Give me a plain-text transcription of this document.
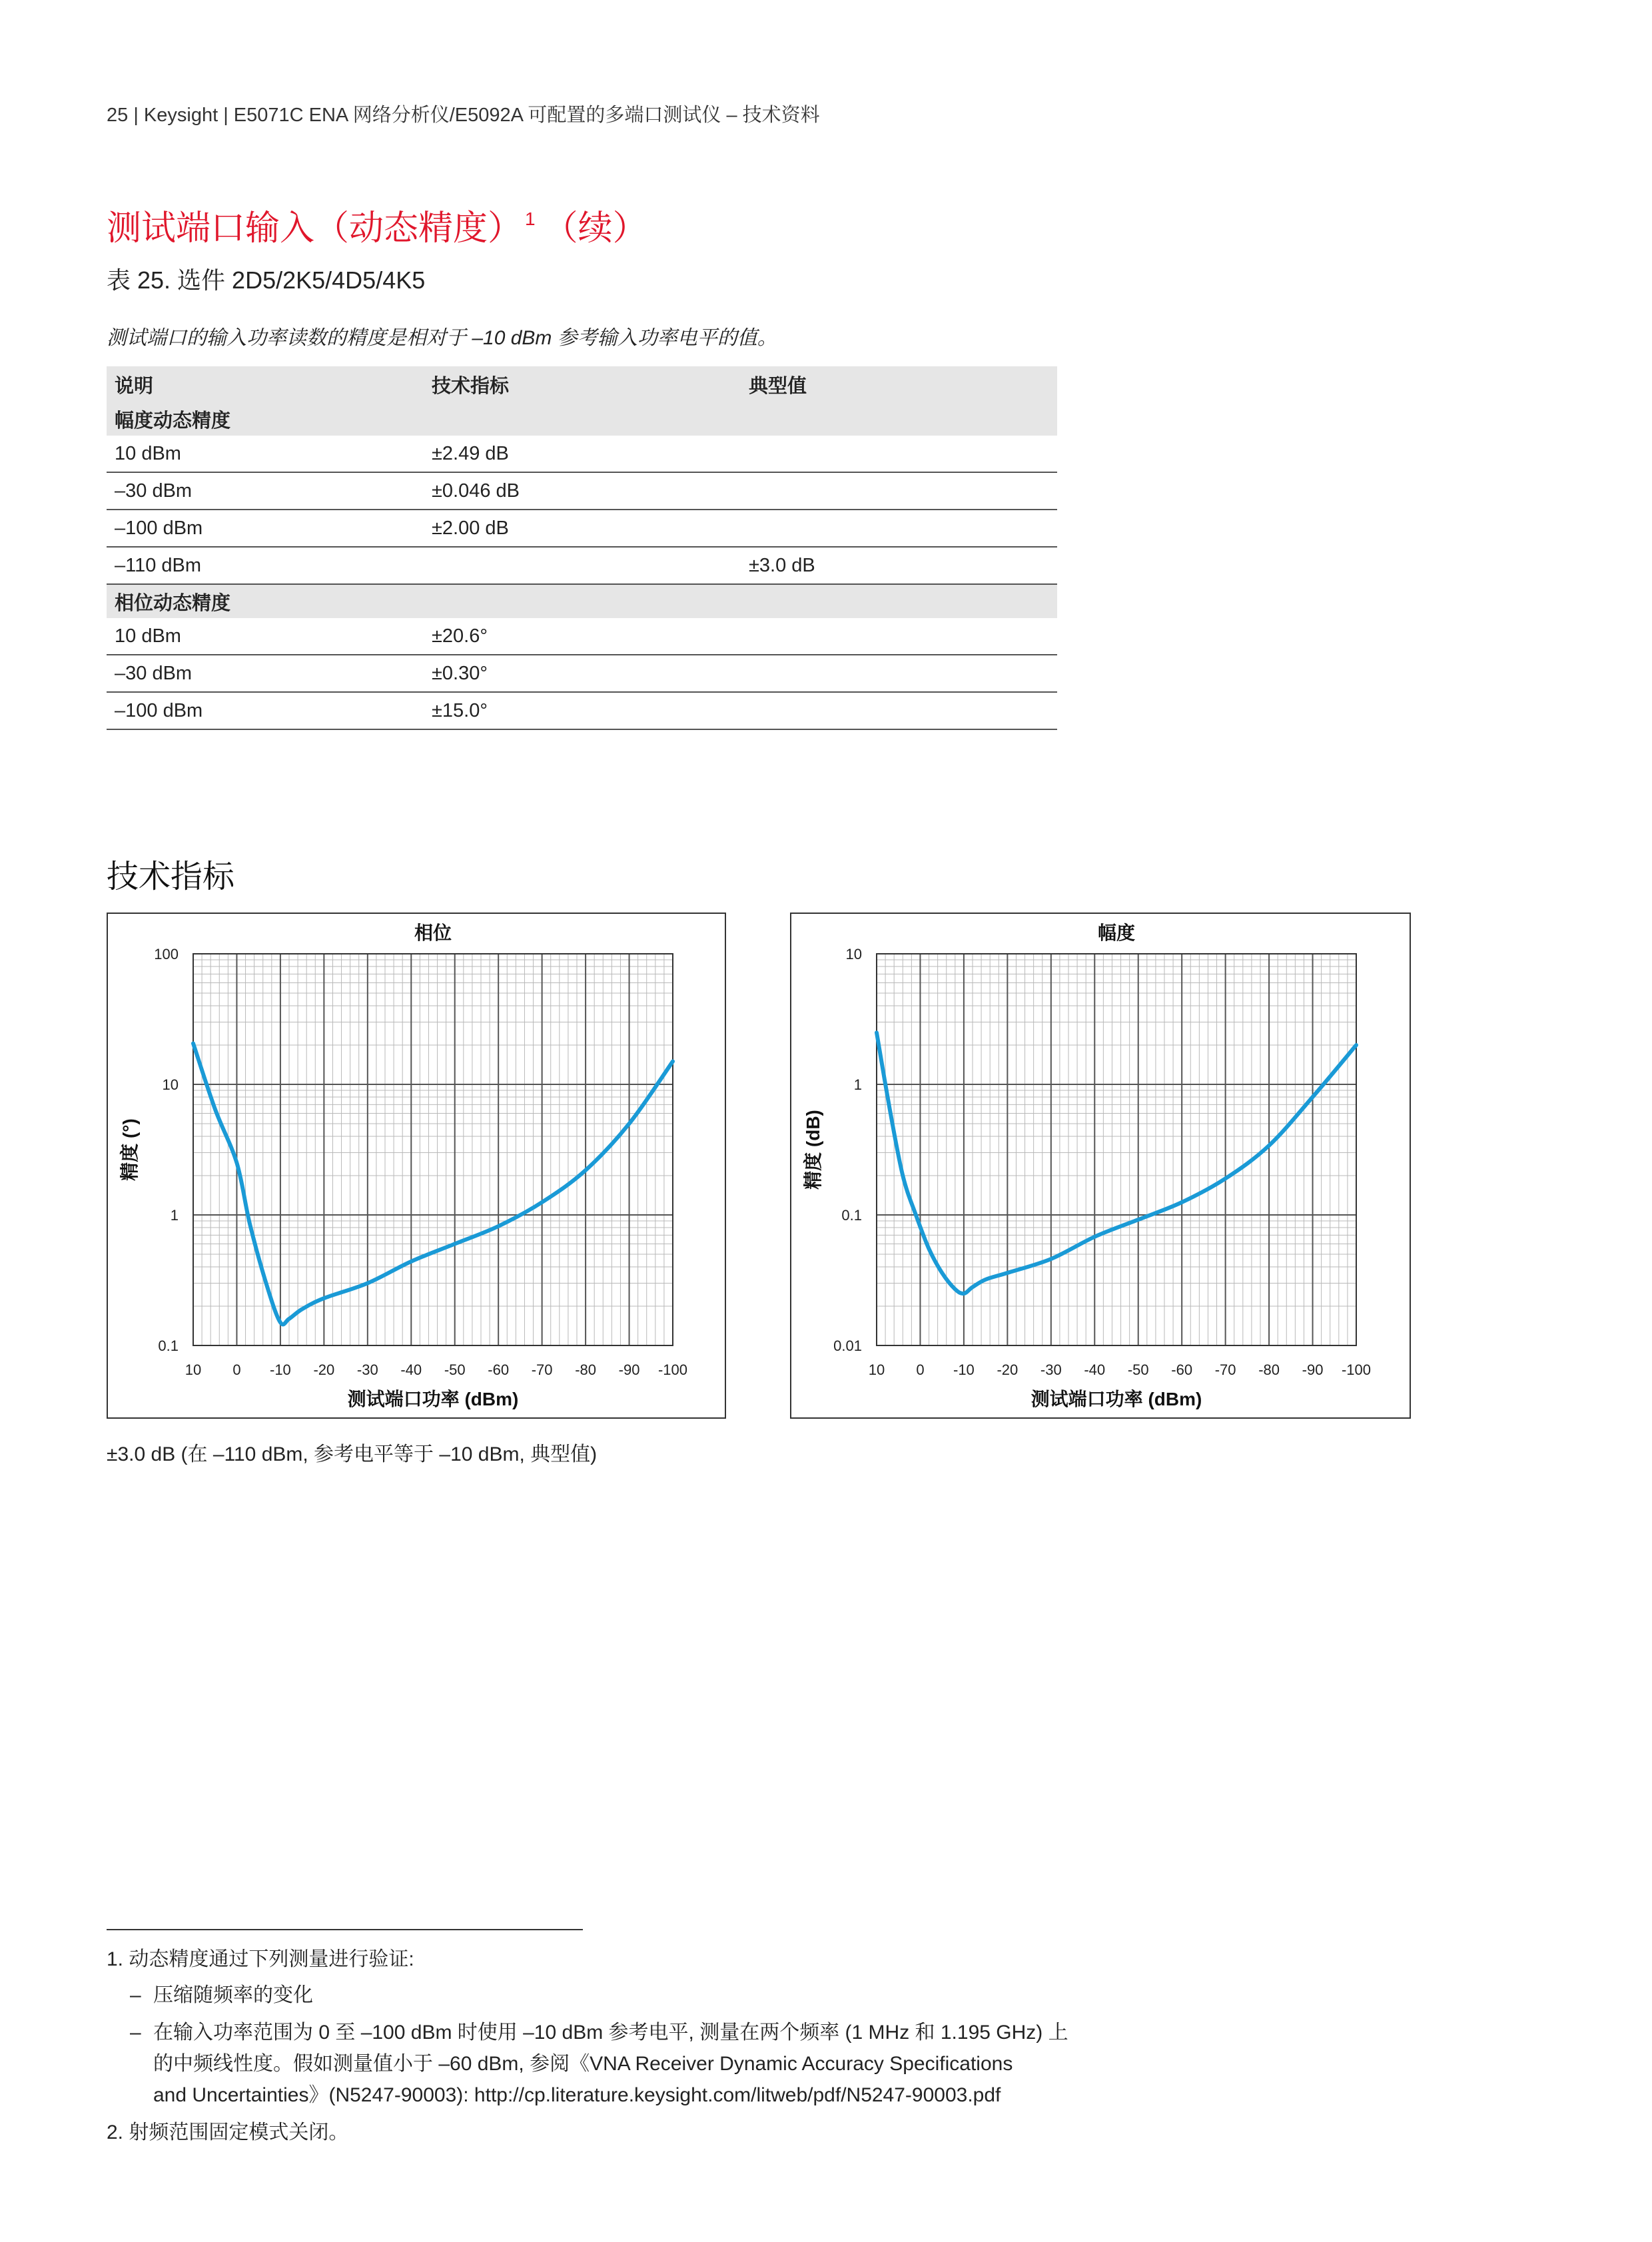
25 | Keysight | E5071C ENA 网络分析仪/E5092A 可配置的多端口测试仪 – 技术资料
测试端口输入（动态精度） $^1$ （续）
表 25. 选件 2D5/2K5/4D5/4K5
测试端口的输入功率读数的精度是相对于 –10 dBm 参考输入功率电平的值。
说明	技术指标	典型值
幅度动态精度		
10 dBm	±2.49 dB	
–30 dBm	±0.046 dB	
–100 dBm	±2.00 dB	
–110 dBm		±3.0 dB
相位动态精度		
10 dBm	±20.6°	
–30 dBm	±0.30°	
–100 dBm	±15.0°	
技术指标
100
10
1
0.1
10 0 -10 -20 -30 -40 -50 -60 -70 -80 -90 -100
相位
测试端口功率 (dBm)
精度 (°)
10
1
0.1
0.01
10 0 -10 -20 -30 -40 -50 -60 -70 -80 -90 -100
幅度
测试端口功率 (dBm)
精度 (dB)
±3.0 dB (在 –110 dBm, 参考电平等于 –10 dBm, 典型值)
1. 动态精度通过下列测量进行验证:
– 压缩随频率的变化
– 在输入功率范围为 0 至 –100 dBm 时使用 –10 dBm 参考电平, 测量在两个频率 (1 MHz 和 1.195 GHz) 上
的中频线性度。假如测量值小于 –60 dBm, 参阅《VNA Receiver Dynamic Accuracy Specifications
and Uncertainties》(N5247-90003): http://cp.literature.keysight.com/litweb/pdf/N5247-90003.pdf
2. 射频范围固定模式关闭。
